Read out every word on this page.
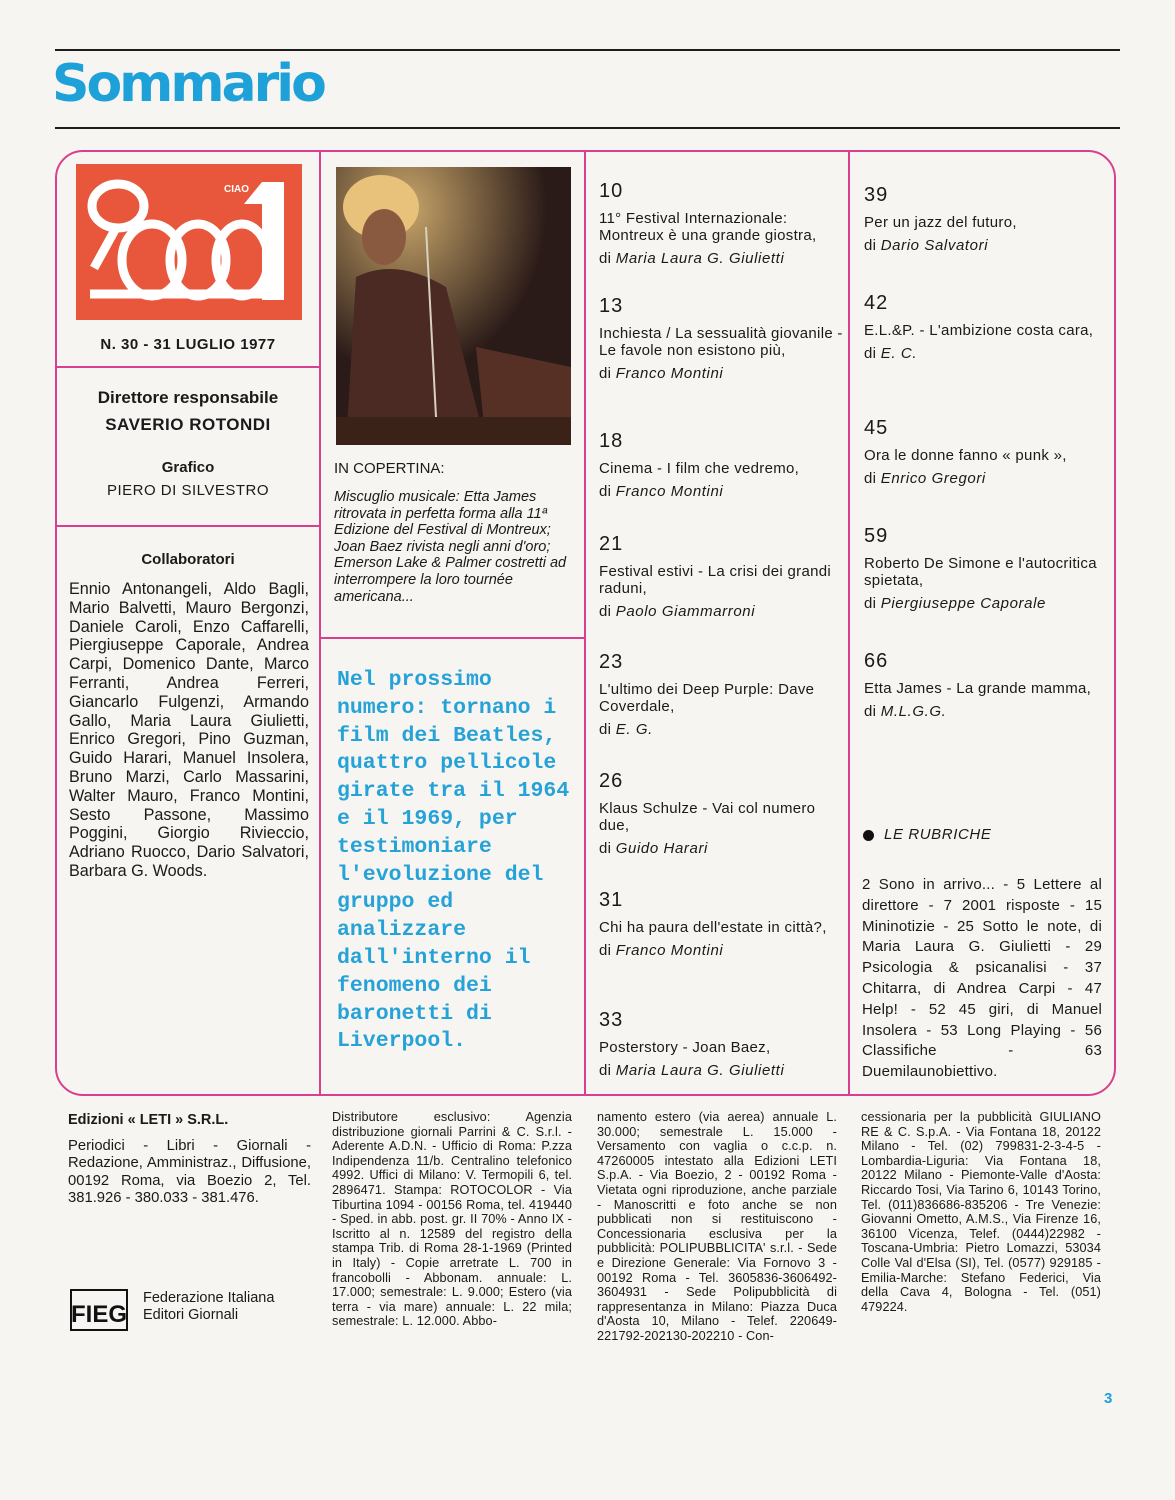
Sommario
CIAO
N. 30 - 31 LUGLIO 1977
Direttore responsabile
SAVERIO ROTONDI
Grafico
PIERO DI SILVESTRO
Collaboratori

Ennio Antonangeli, Aldo Bagli, Mario Balvetti, Mauro Bergonzi, Daniele Caroli, Enzo Caffarelli, Piergiuseppe Caporale, Andrea Carpi, Domenico Dante, Marco Ferranti, Andrea Ferreri, Giancarlo Fulgenzi, Armando Gallo, Maria Laura Giulietti, Enrico Gregori, Pino Guzman, Guido Harari, Manuel Insolera, Bruno Marzi, Carlo Massarini, Walter Mauro, Franco Montini, Sesto Passone, Massimo Poggini, Giorgio Rivieccio, Adriano Ruocco, Dario Salvatori, Barbara G. Woods.

IN COPERTINA:

Miscuglio musicale: Etta James ritrovata in perfetta forma alla 11ª Edizione del Festival di Montreux; Joan Baez rivista negli anni d'oro; Emerson Lake & Palmer costretti ad interrompere la loro tournée americana...

Nel prossimo numero: tornano i film dei Beatles, quattro pellicole girate tra il 1964 e il 1969, per testimoniare l'evoluzione del gruppo ed analizzare dall'interno il fenomeno dei baronetti di Liverpool.

10
11° Festival Internazionale: Montreux è una grande giostra,
di Maria Laura G. Giulietti
13
Inchiesta / La sessualità giovanile - Le favole non esistono più,
di Franco Montini
18
Cinema - I film che vedremo,
di Franco Montini
21
Festival estivi - La crisi dei grandi raduni,
di Paolo Giammarroni
23
L'ultimo dei Deep Purple: Dave Coverdale,
di E. G.
26
Klaus Schulze - Vai col numero due,
di Guido Harari
31
Chi ha paura dell'estate in città?,
di Franco Montini
33
Posterstory - Joan Baez,
di Maria Laura G. Giulietti
39
Per un jazz del futuro,
di Dario Salvatori
42
E.L.&P. - L'ambizione costa cara,
di E. C.
45
Ora le donne fanno « punk »,
di Enrico Gregori
59
Roberto De Simone e l'autocritica spietata,
di Piergiuseppe Caporale
66
Etta James - La grande mamma,
di M.L.G.G.
LE RUBRICHE

2 Sono in arrivo... - 5 Lettere al direttore - 7 2001 risposte - 15 Mininotizie - 25 Sotto le note, di Maria Laura G. Giulietti - 29 Psicologia & psicanalisi - 37 Chitarra, di Andrea Carpi - 47 Help! - 52 45 giri, di Manuel Insolera - 53 Long Playing - 56 Classifiche - 63 Duemilaunobiettivo.

Edizioni « LETI » S.R.L.

Periodici - Libri - Giornali - Redazione, Amministraz., Diffusione, 00192 Roma, via Boezio 2, Tel. 381.926 - 380.033 - 381.476.

FIEG
Federazione Italiana
Editori Giornali

Distributore esclusivo: Agenzia distribuzione giornali Parrini & C. S.r.l. - Aderente A.D.N. - Ufficio di Roma: P.zza Indipendenza 11/b. Centralino telefonico 4992. Uffici di Milano: V. Termopili 6, tel. 2896471. Stampa: ROTOCOLOR - Via Tiburtina 1094 - 00156 Roma, tel. 419440 - Sped. in abb. post. gr. II 70% - Anno IX - Iscritto al n. 12589 del registro della stampa Trib. di Roma 28-1-1969 (Printed in Italy) - Copie arretrate L. 700 in francobolli - Abbonam. annuale: L. 17.000; semestrale: L. 9.000; Estero (via terra - via mare) annuale: L. 22 mila; semestrale: L. 12.000. Abbo-

namento estero (via aerea) annuale L. 30.000; semestrale L. 15.000 - Versamento con vaglia o c.c.p. n. 47260005 intestato alla Edizioni LETI S.p.A. - Via Boezio, 2 - 00192 Roma - Vietata ogni riproduzione, anche parziale - Manoscritti e foto anche se non pubblicati non si restituiscono - Concessionaria esclusiva per la pubblicità: POLIPUBBLICITA' s.r.l. - Sede e Direzione Generale: Via Fornovo 3 - 00192 Roma - Tel. 3605836-3606492-3604931 - Sede Polipubblicità di rappresentanza in Milano: Piazza Duca d'Aosta 10, Milano - Telef. 220649-221792-202130-202210 - Con-

cessionaria per la pubblicità GIULIANO RE & C. S.p.A. - Via Fontana 18, 20122 Milano - Tel. (02) 799831-2-3-4-5 - Lombardia-Liguria: Via Fontana 18, 20122 Milano - Piemonte-Valle d'Aosta: Riccardo Tosi, Via Tarino 6, 10143 Torino, Tel. (011)836686-835206 - Tre Venezie: Giovanni Ometto, A.M.S., Via Firenze 16, 36100 Vicenza, Telef. (0444)22982 - Toscana-Umbria: Pietro Lomazzi, 53034 Colle Val d'Elsa (SI), Tel. (0577) 929185 - Emilia-Marche: Stefano Federici, Via della Cava 4, Bologna - Tel. (051) 479224.

3
